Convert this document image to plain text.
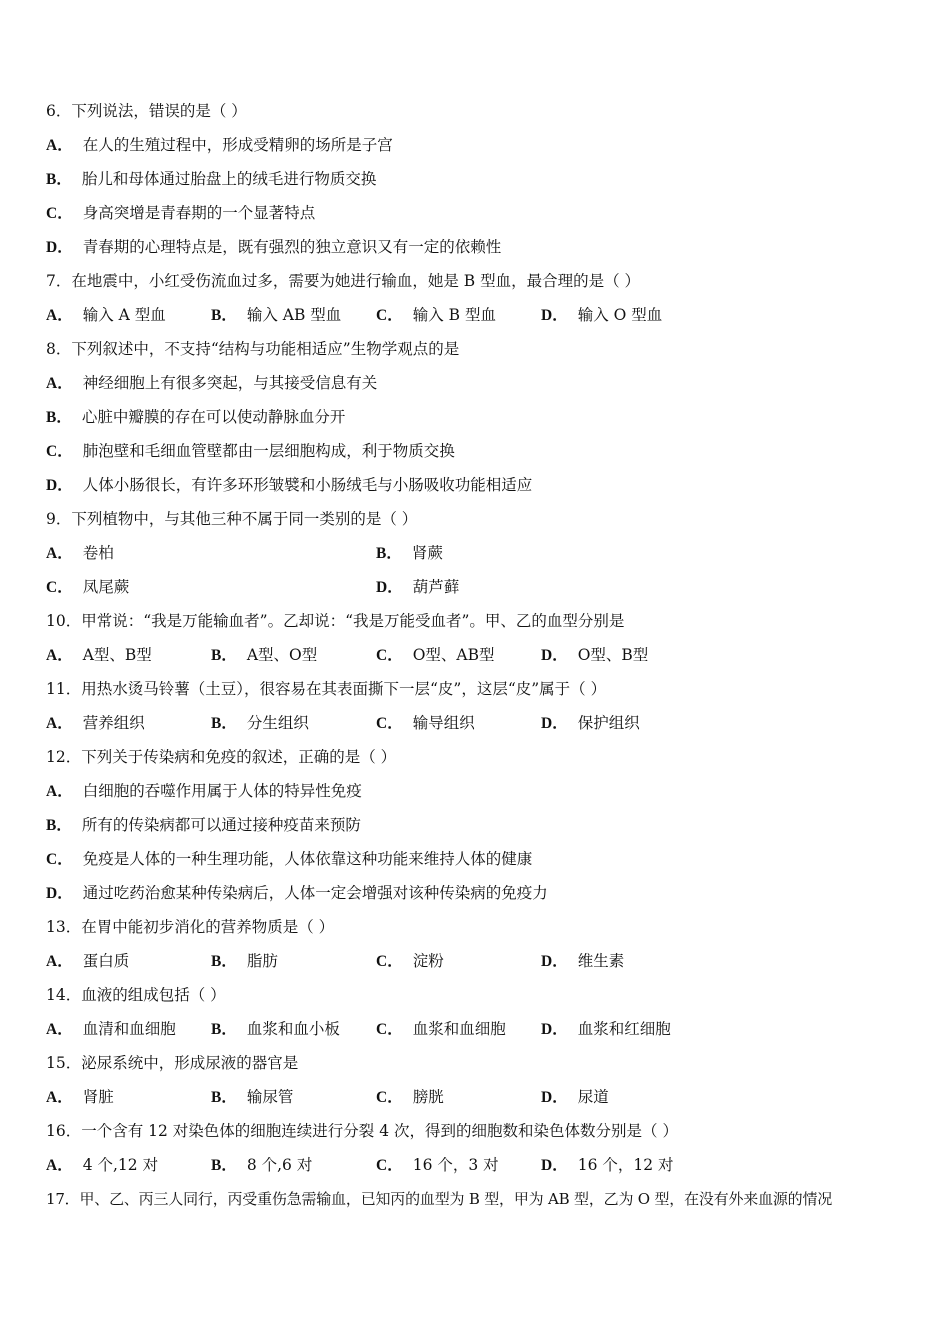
6．下列说法，错误的是（ ）
A． 在人的生殖过程中，形成受精卵的场所是子宫
B． 胎儿和母体通过胎盘上的绒毛进行物质交换
C． 身高突增是青春期的一个显著特点
D． 青春期的心理特点是，既有强烈的独立意识又有一定的依赖性
7．在地震中，小红受伤流血过多，需要为她进行输血，她是 B 型血，最合理的是（ ）
A． 输入 A 型血	B． 输入 AB 型血 C． 输入 B 型血	D． 输入 O 型血
8．下列叙述中，不支持“结构与功能相适应”生物学观点的是
A． 神经细胞上有很多突起，与其接受信息有关
B． 心脏中瓣膜的存在可以使动静脉血分开
C． 肺泡壁和毛细血管壁都由一层细胞构成，利于物质交换
D． 人体小肠很长，有许多环形皱襞和小肠绒毛与小肠吸收功能相适应
9．下列植物中，与其他三种不属于同一类别的是（ ）
A． 卷柏	B． 肾蕨
C． 凤尾蕨	D． 葫芦藓
10．甲常说：“我是万能输血者”。乙却说：“我是万能受血者”。甲、乙的血型分别是
A． A型、B型	B． A型、O型	C． O型、AB型	D． O型、B型
11．用热水烫马铃薯（土豆），很容易在其表面撕下一层“皮”，这层“皮”属于（ ）
A． 营养组织	B． 分生组织	C． 输导组织	D． 保护组织
12．下列关于传染病和免疫的叙述，正确的是（ ）
A． 白细胞的吞噬作用属于人体的特异性免疫
B． 所有的传染病都可以通过接种疫苗来预防
C． 免疫是人体的一种生理功能，人体依靠这种功能来维持人体的健康
D． 通过吃药治愈某种传染病后，人体一定会增强对该种传染病的免疫力
13．在胃中能初步消化的营养物质是（ ）
A． 蛋白质	B． 脂肪	C． 淀粉	D． 维生素
14．血液的组成包括（ ）
A． 血清和血细胞 B． 血浆和血小板 C． 血浆和血细胞 D． 血浆和红细胞
15．泌尿系统中，形成尿液的器官是
A． 肾脏	B． 输尿管	C． 膀胱	D． 尿道
16．一个含有 12 对染色体的细胞连续进行分裂 4 次，得到的细胞数和染色体数分别是（ ）
A． 4 个,12 对	B． 8 个,6 对	C． 16 个，3 对	D． 16 个，12 对
17．甲、乙、丙三人同行，丙受重伤急需输血，已知丙的血型为 B 型，甲为 AB 型，乙为 O 型，在没有外来血源的情况
